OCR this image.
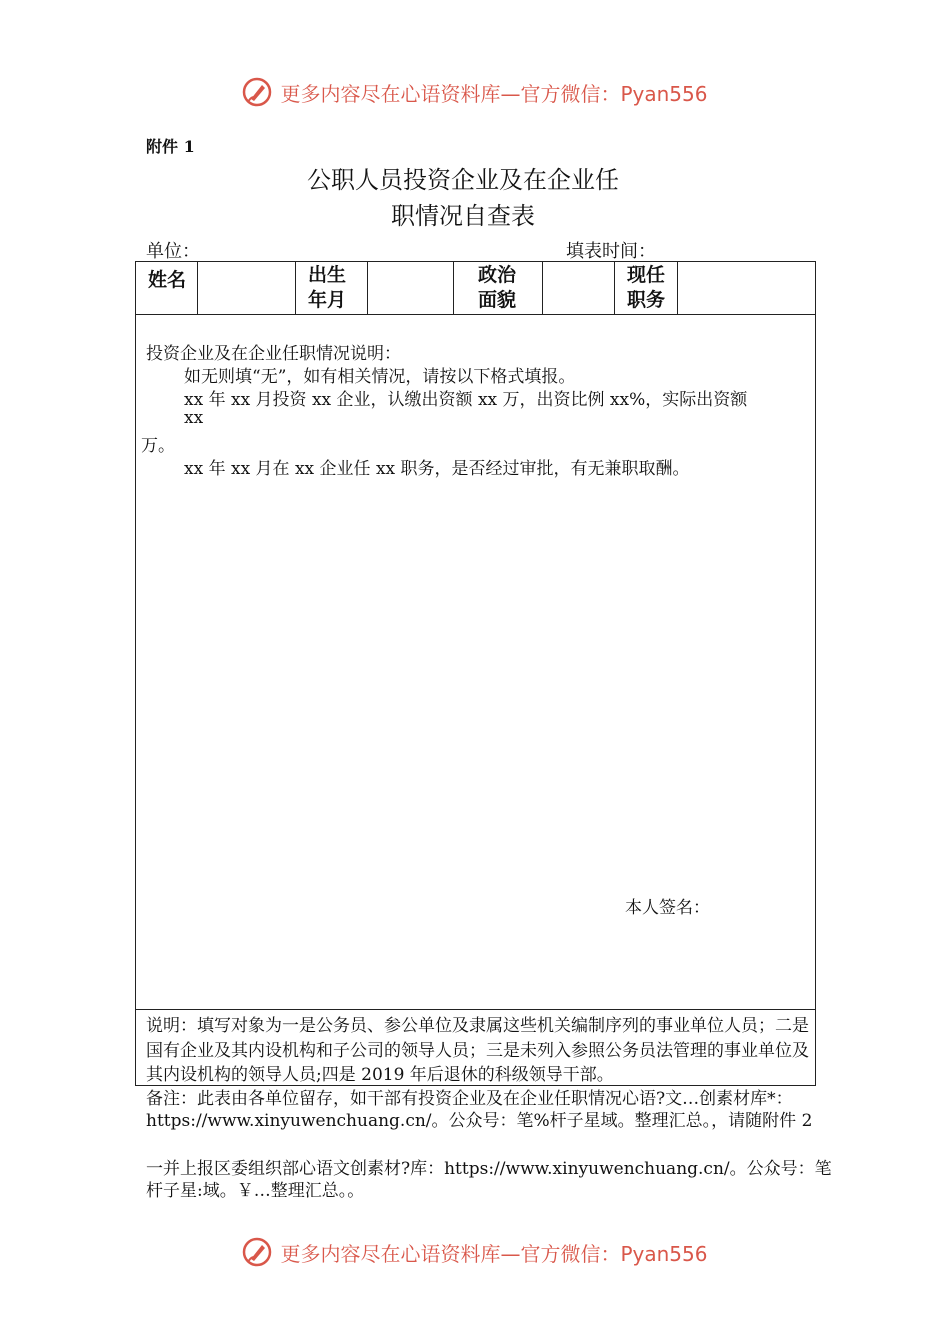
更多内容尽在心语资料库—官方微信：Pyan556
附件 1
公职人员投资企业及在企业任
职情况自查表
单位：	填表时间：
姓名	出生
年月
政治
面貌
现任
职务
投资企业及在企业任职情况说明：
如无则填“无”，如有相关情况，请按以下格式填报。
xx 年 xx 月投资 xx 企业，认缴出资额 xx 万，出资比例 xx%，实际出资额
xx
万。
xx 年 xx 月在 xx 企业任 xx 职务，是否经过审批，有无兼职取酬。
本人签名：
说明：填写对象为一是公务员、参公单位及隶属这些机关编制序列的事业单位人员；二是国有企业及其内设机构和子公司的领导人员；三是未列入参照公务员法管理的事业单位及其内设机构的领导人员;四是 2019 年后退休的科级领导干部。
备注：此表由各单位留存，如干部有投资企业及在企业任职情况心语?文…创素材库*：https://www.xinyuwenchuang.cn/。公众号：笔%杆子星域。整理汇总。，请随附件 2
一并上报区委组织部心语文创素材?库：https://www.xinyuwenchuang.cn/。公众号：笔杆子星:域。￥…整理汇总。。
更多内容尽在心语资料库—官方微信：Pyan556
